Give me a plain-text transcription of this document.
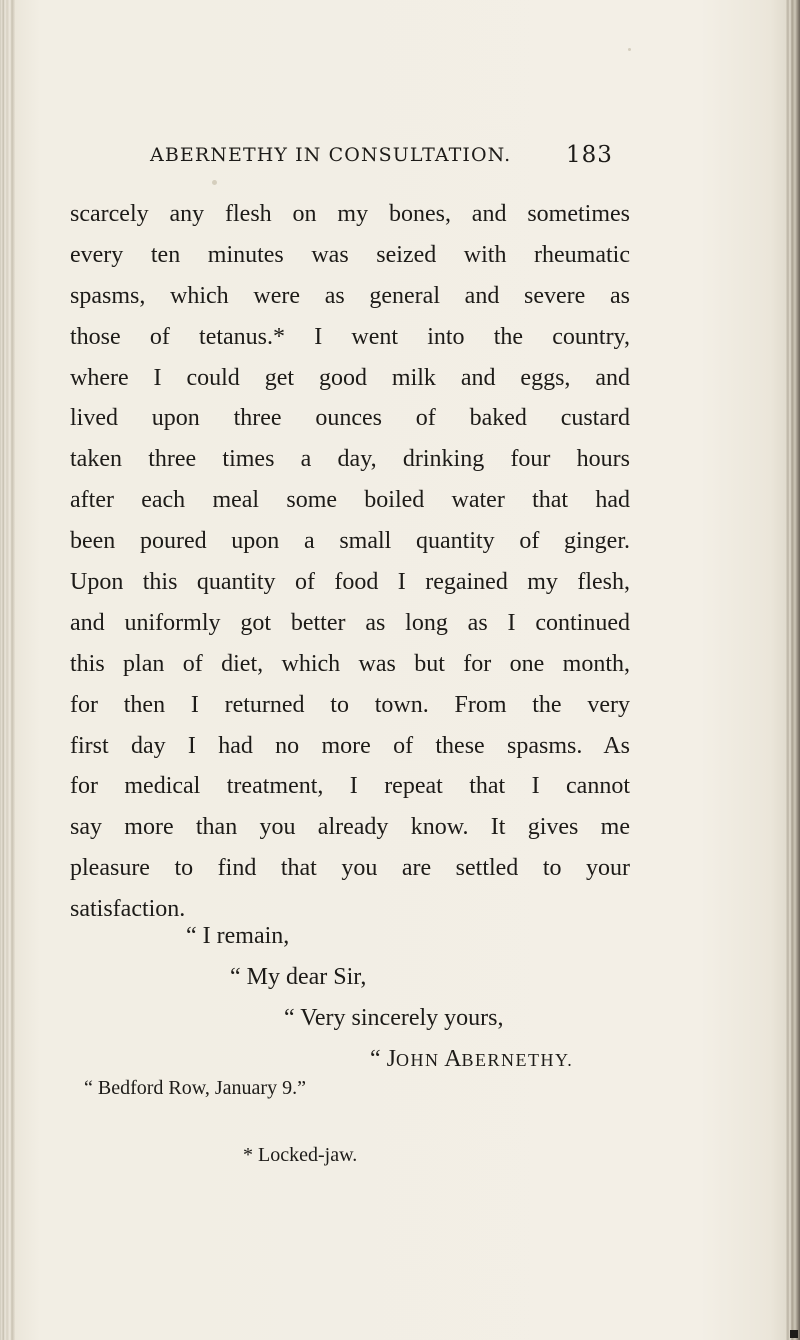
ABERNETHY IN CONSULTATION. 183
scarcely any flesh on my bones, and sometimes
every ten minutes was seized with rheumatic
spasms, which were as general and severe as
those of tetanus.* I went into the country,
where I could get good milk and eggs, and
lived upon three ounces of baked custard
taken three times a day, drinking four hours
after each meal some boiled water that had
been poured upon a small quantity of ginger.
Upon this quantity of food I regained my flesh,
and uniformly got better as long as I continued
this plan of diet, which was but for one month,
for then I returned to town. From the very
first day I had no more of these spasms. As
for medical treatment, I repeat that I cannot
say more than you already know. It gives me
pleasure to find that you are settled to your
satisfaction.
“ I remain,
“ My dear Sir,
“ Very sincerely yours,
“ JOHN ABERNETHY.
“ Bedford Row, January 9.”
* Locked-jaw.
